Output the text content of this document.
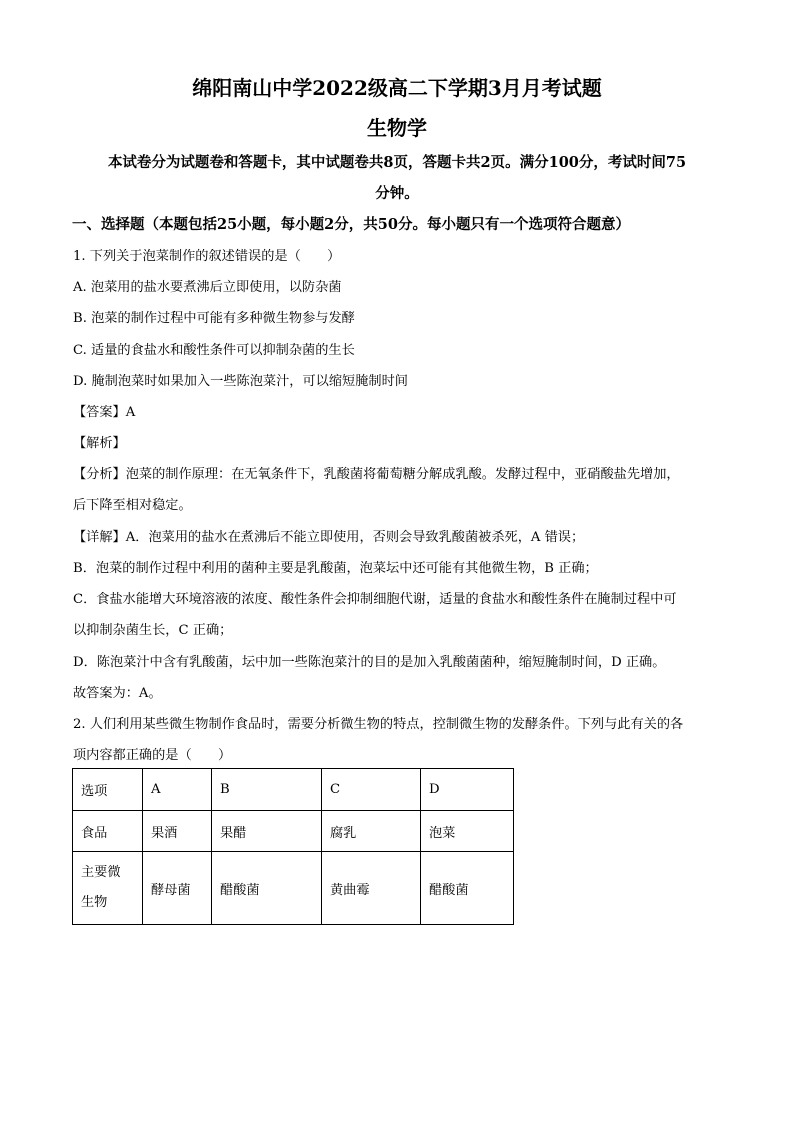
绵阳南山中学2022级高二下学期3月月考试题
生物学
本试卷分为试题卷和答题卡，其中试题卷共8页，答题卡共2页。满分100分，考试时间75
分钟。
一、选择题（本题包括25小题，每小题2分，共50分。每小题只有一个选项符合题意）
1. 下列关于泡菜制作的叙述错误的是（　　）
A. 泡菜用的盐水要煮沸后立即使用，以防杂菌
B. 泡菜的制作过程中可能有多种微生物参与发酵
C. 适量的食盐水和酸性条件可以抑制杂菌的生长
D. 腌制泡菜时如果加入一些陈泡菜汁，可以缩短腌制时间
【答案】A
【解析】
【分析】泡菜的制作原理：在无氧条件下，乳酸菌将葡萄糖分解成乳酸。发酵过程中，亚硝酸盐先增加，
后下降至相对稳定。
【详解】A．泡菜用的盐水在煮沸后不能立即使用，否则会导致乳酸菌被杀死，A 错误；
B．泡菜的制作过程中利用的菌种主要是乳酸菌，泡菜坛中还可能有其他微生物，B 正确；
C．食盐水能增大环境溶液的浓度、酸性条件会抑制细胞代谢，适量的食盐水和酸性条件在腌制过程中可
以抑制杂菌生长，C 正确；
D．陈泡菜汁中含有乳酸菌，坛中加一些陈泡菜汁的目的是加入乳酸菌菌种，缩短腌制时间，D 正确。
故答案为：A。
2. 人们利用某些微生物制作食品时，需要分析微生物的特点，控制微生物的发酵条件。下列与此有关的各
项内容都正确的是（　　）
选项	A	B	C	D
食品	果酒	果醋	腐乳	泡菜
主要微
生物	酵母菌	醋酸菌	黄曲霉	醋酸菌
